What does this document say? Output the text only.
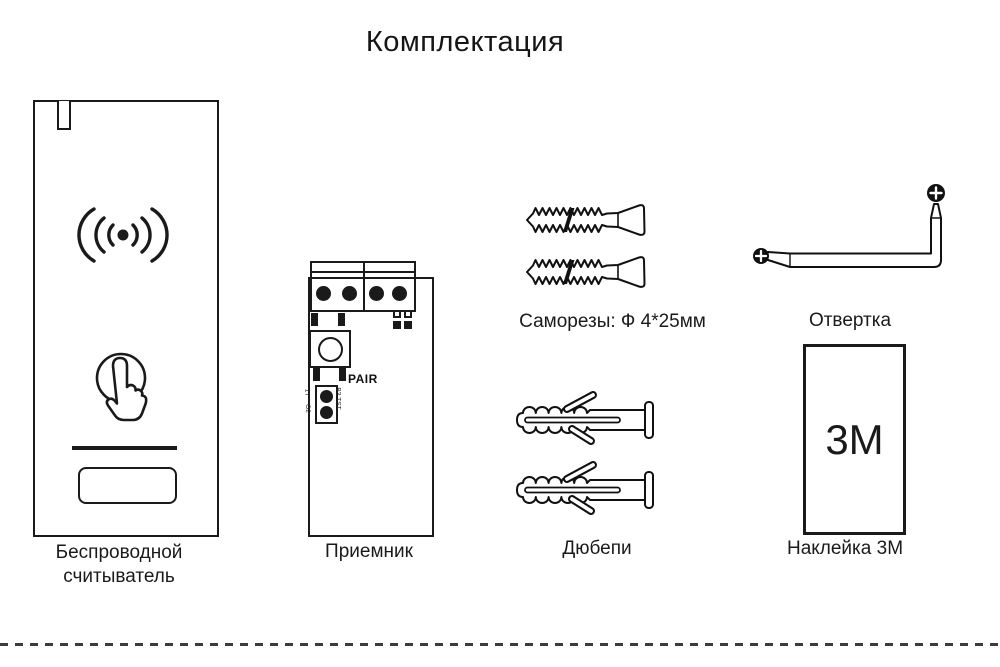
Комплектация
Беспроводной
считыватель
PAIR
1Т
О2	ВЗ.ТST
Приемник
Саморезы: Ф 4*25мм	Отвертка
Дюбепи
3М
Наклейка 3М
